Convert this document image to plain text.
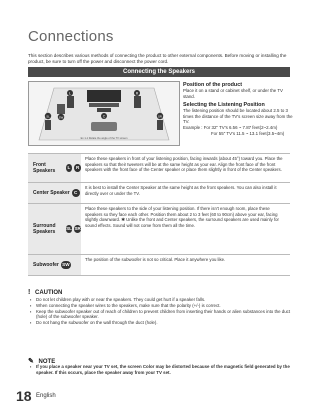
Connections
This section describes various methods of connecting the product to other external components. Before moving or installing the product, be sure to turn off the power and disconnect the power cord.
Connecting the Speakers
L	R
C
SW
SL	SR
Ex 1-1 Relate the angle of the TV screen

Position of the product

Place it on a stand or cabinet shelf, or under the TV stand.

Selecting the Listening Position

The listening position should be located about 2.5 to 3 times the distance of the TV's screen size away from the TV.

Example : For 32" TV's 6.56 ~ 7.87 feet(2~2.4m)

For 55" TV's 11.5 ~ 13.1 feet(3.5~4m)

Front Speakers
L	R
Place these speakers in front of your listening position, facing inwards (about 45°) toward you. Place the speakers so that their tweeters will be at the same height as your ear. Align the front face of the front speakers with the front face of the Center speaker or place them slightly in front of the Center speakers.
Center Speaker C
It is best to install the Center Speaker at the same height as the front speakers. You can also install it directly over or under the TV.
Surround Speakers
SL SR
Place these speakers to the side of your listening position. If there isn't enough room, place these speakers so they face each other. Position them about 2 to 3 feet (60 to 90cm) above your ear, facing slightly downward. ✱ Unlike the front and Center speakers, the surround speakers are used mainly for sound effects. Sound will not come from them all the time.
Subwoofer SW
The position of the subwoofer is not so critical. Place it anywhere you like.
! CAUTION
▪ Do not let children play with or near the speakers. They could get hurt if a speaker falls.
▪ When connecting the speaker wires to the speakers, make sure that the polarity (+/-) is correct.
▪ Keep the subwoofer speaker out of reach of children to prevent children from inserting their hands or alien substances into the duct (hole) of the subwoofer speaker.
▪ Do not hang the subwoofer on the wall through the duct (hole).
✎ NOTE
▪ If you place a speaker near your TV set, the screen Color may be distorted because of the magnetic field generated by the speaker. If this occurs, place the speaker away from your TV set.
18 English
